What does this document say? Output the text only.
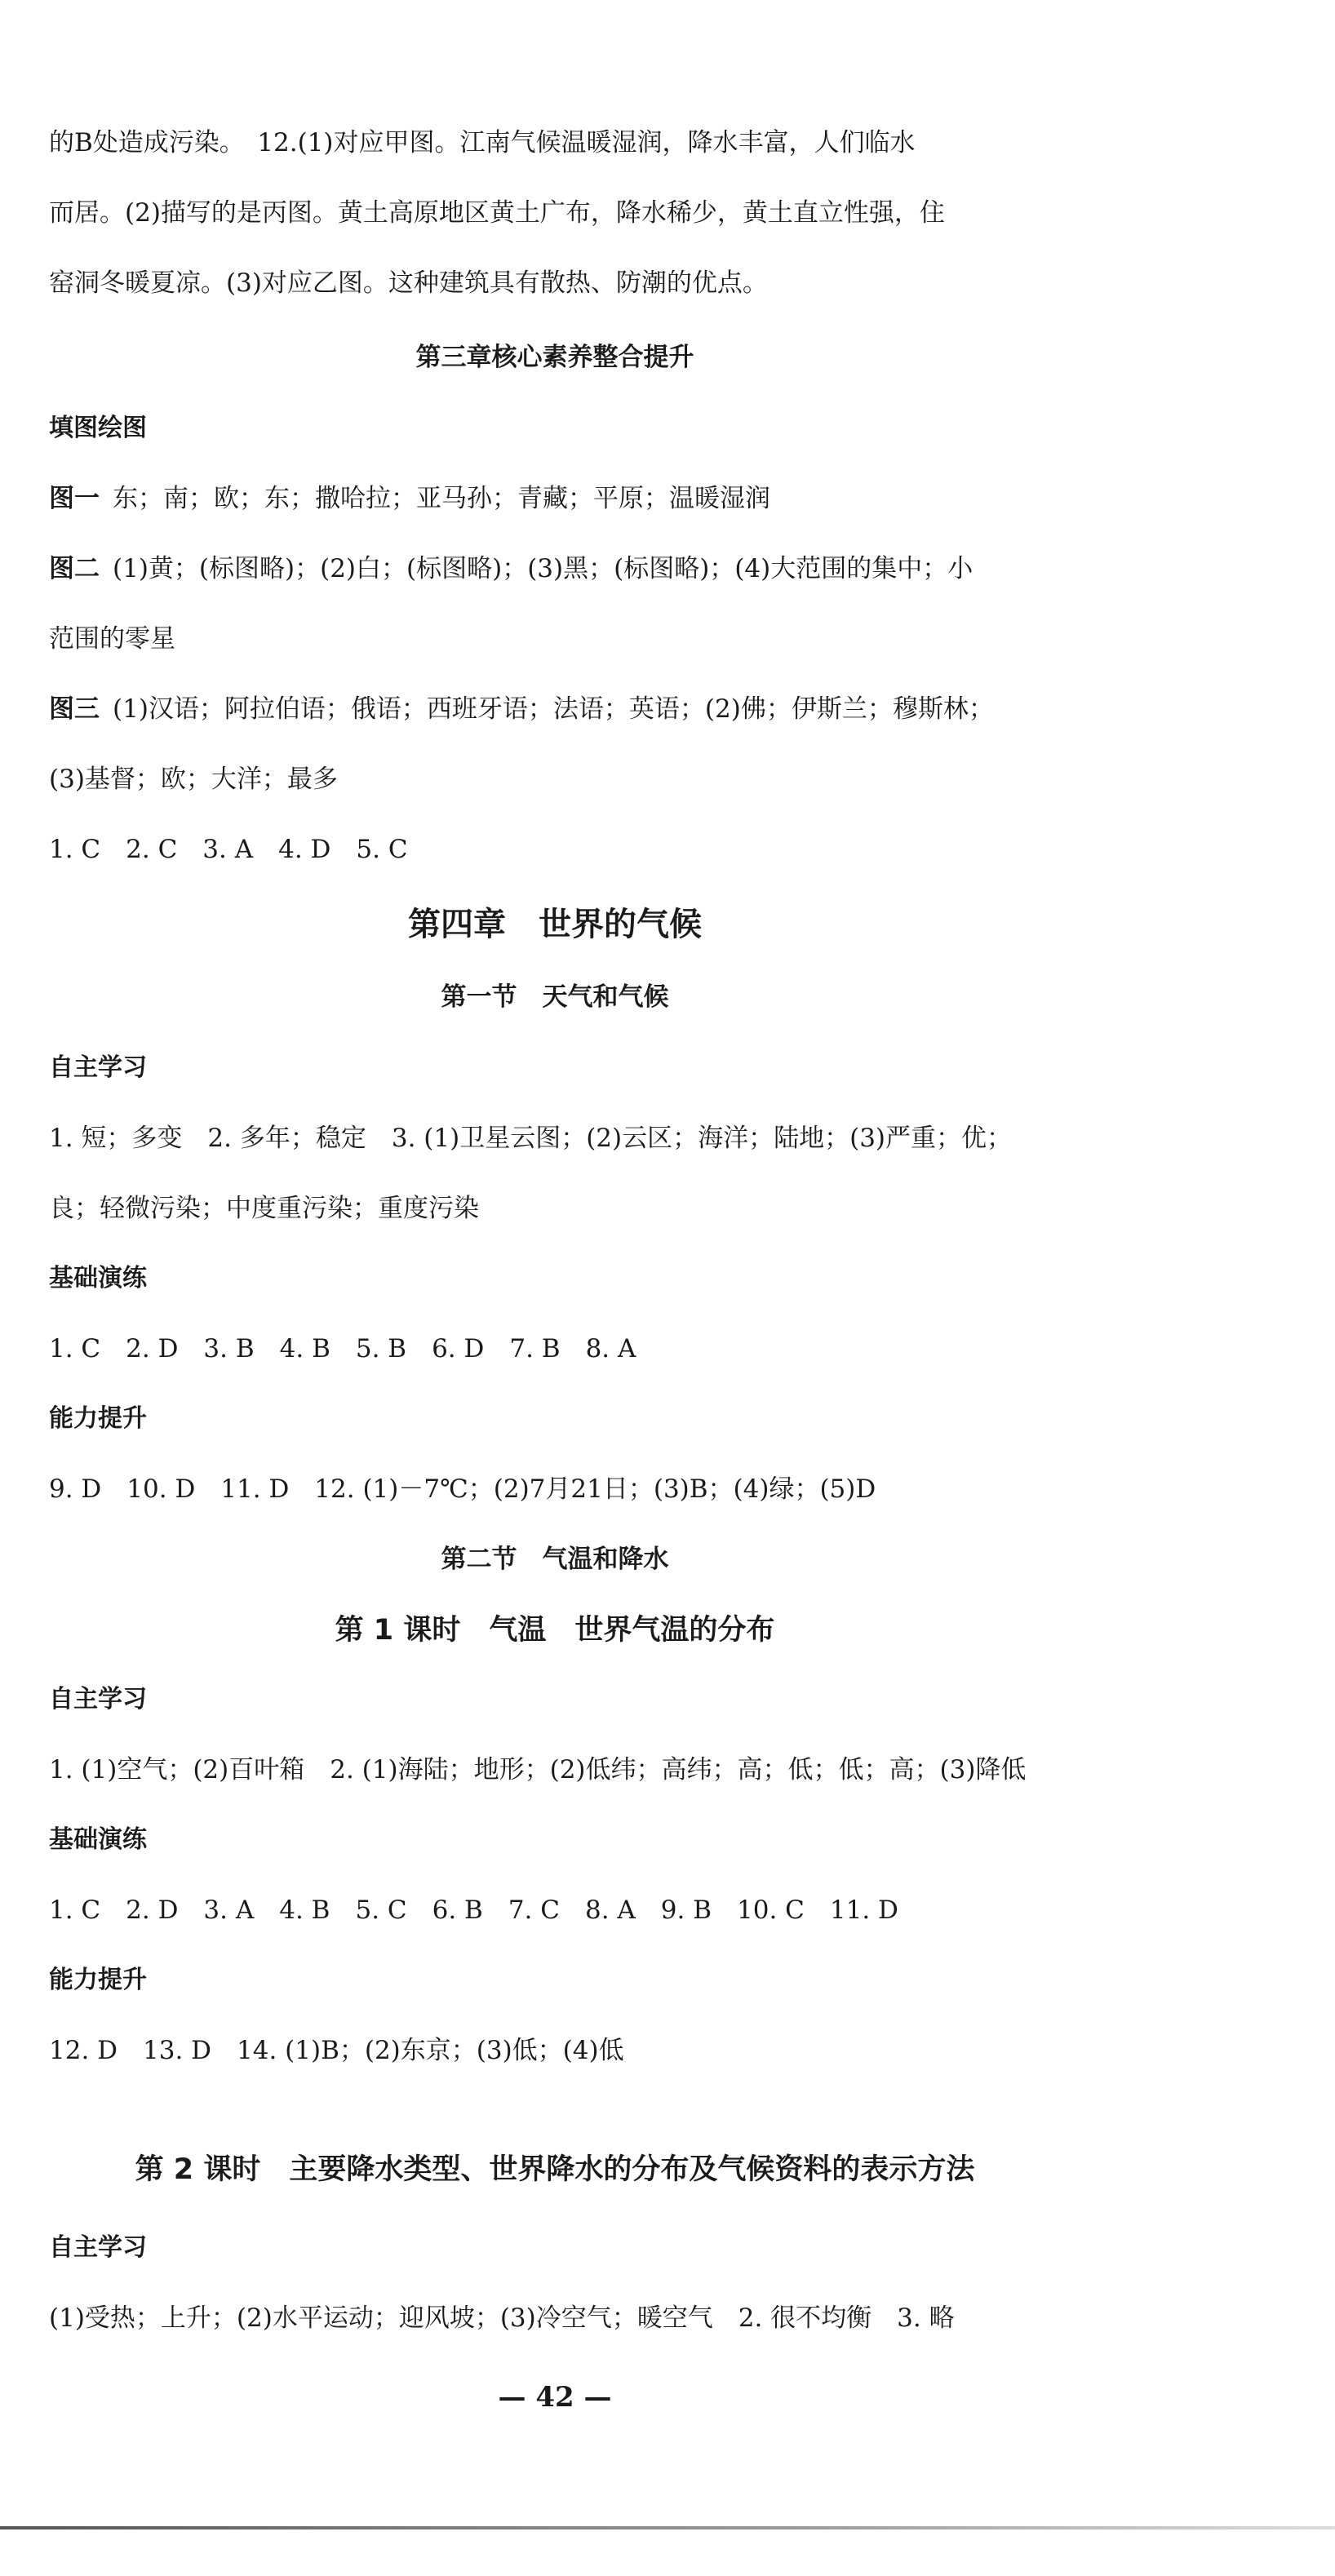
的B处造成污染。　12.(1)对应甲图。江南气候温暖湿润，降水丰富，人们临水
而居。(2)描写的是丙图。黄土高原地区黄土广布，降水稀少，黄土直立性强，住
窑洞冬暖夏凉。(3)对应乙图。这种建筑具有散热、防潮的优点。
第三章核心素养整合提升
填图绘图
图一 东；南；欧；东；撒哈拉；亚马孙；青藏；平原；温暖湿润
图二 (1)黄；(标图略)；(2)白；(标图略)；(3)黑；(标图略)；(4)大范围的集中；小
范围的零星
图三 (1)汉语；阿拉伯语；俄语；西班牙语；法语；英语；(2)佛；伊斯兰；穆斯林；
(3)基督；欧；大洋；最多
1. C　2. C　3. A　4. D　5. C
第四章　世界的气候
第一节　天气和气候
自主学习
1. 短；多变　2. 多年；稳定　3. (1)卫星云图；(2)云区；海洋；陆地；(3)严重；优；
良；轻微污染；中度重污染；重度污染
基础演练
1. C　2. D　3. B　4. B　5. B　6. D　7. B　8. A
能力提升
9. D　10. D　11. D　12. (1)－7℃；(2)7月21日；(3)B；(4)绿；(5)D
第二节　气温和降水
第 1 课时　气温　世界气温的分布
自主学习
1. (1)空气；(2)百叶箱　2. (1)海陆；地形；(2)低纬；高纬；高；低；低；高；(3)降低
基础演练
1. C　2. D　3. A　4. B　5. C　6. B　7. C　8. A　9. B　10. C　11. D
能力提升
12. D　13. D　14. (1)B；(2)东京；(3)低；(4)低
第 2 课时　主要降水类型、世界降水的分布及气候资料的表示方法
自主学习
(1)受热；上升；(2)水平运动；迎风坡；(3)冷空气；暖空气　2. 很不均衡　3. 略
— 42 —
